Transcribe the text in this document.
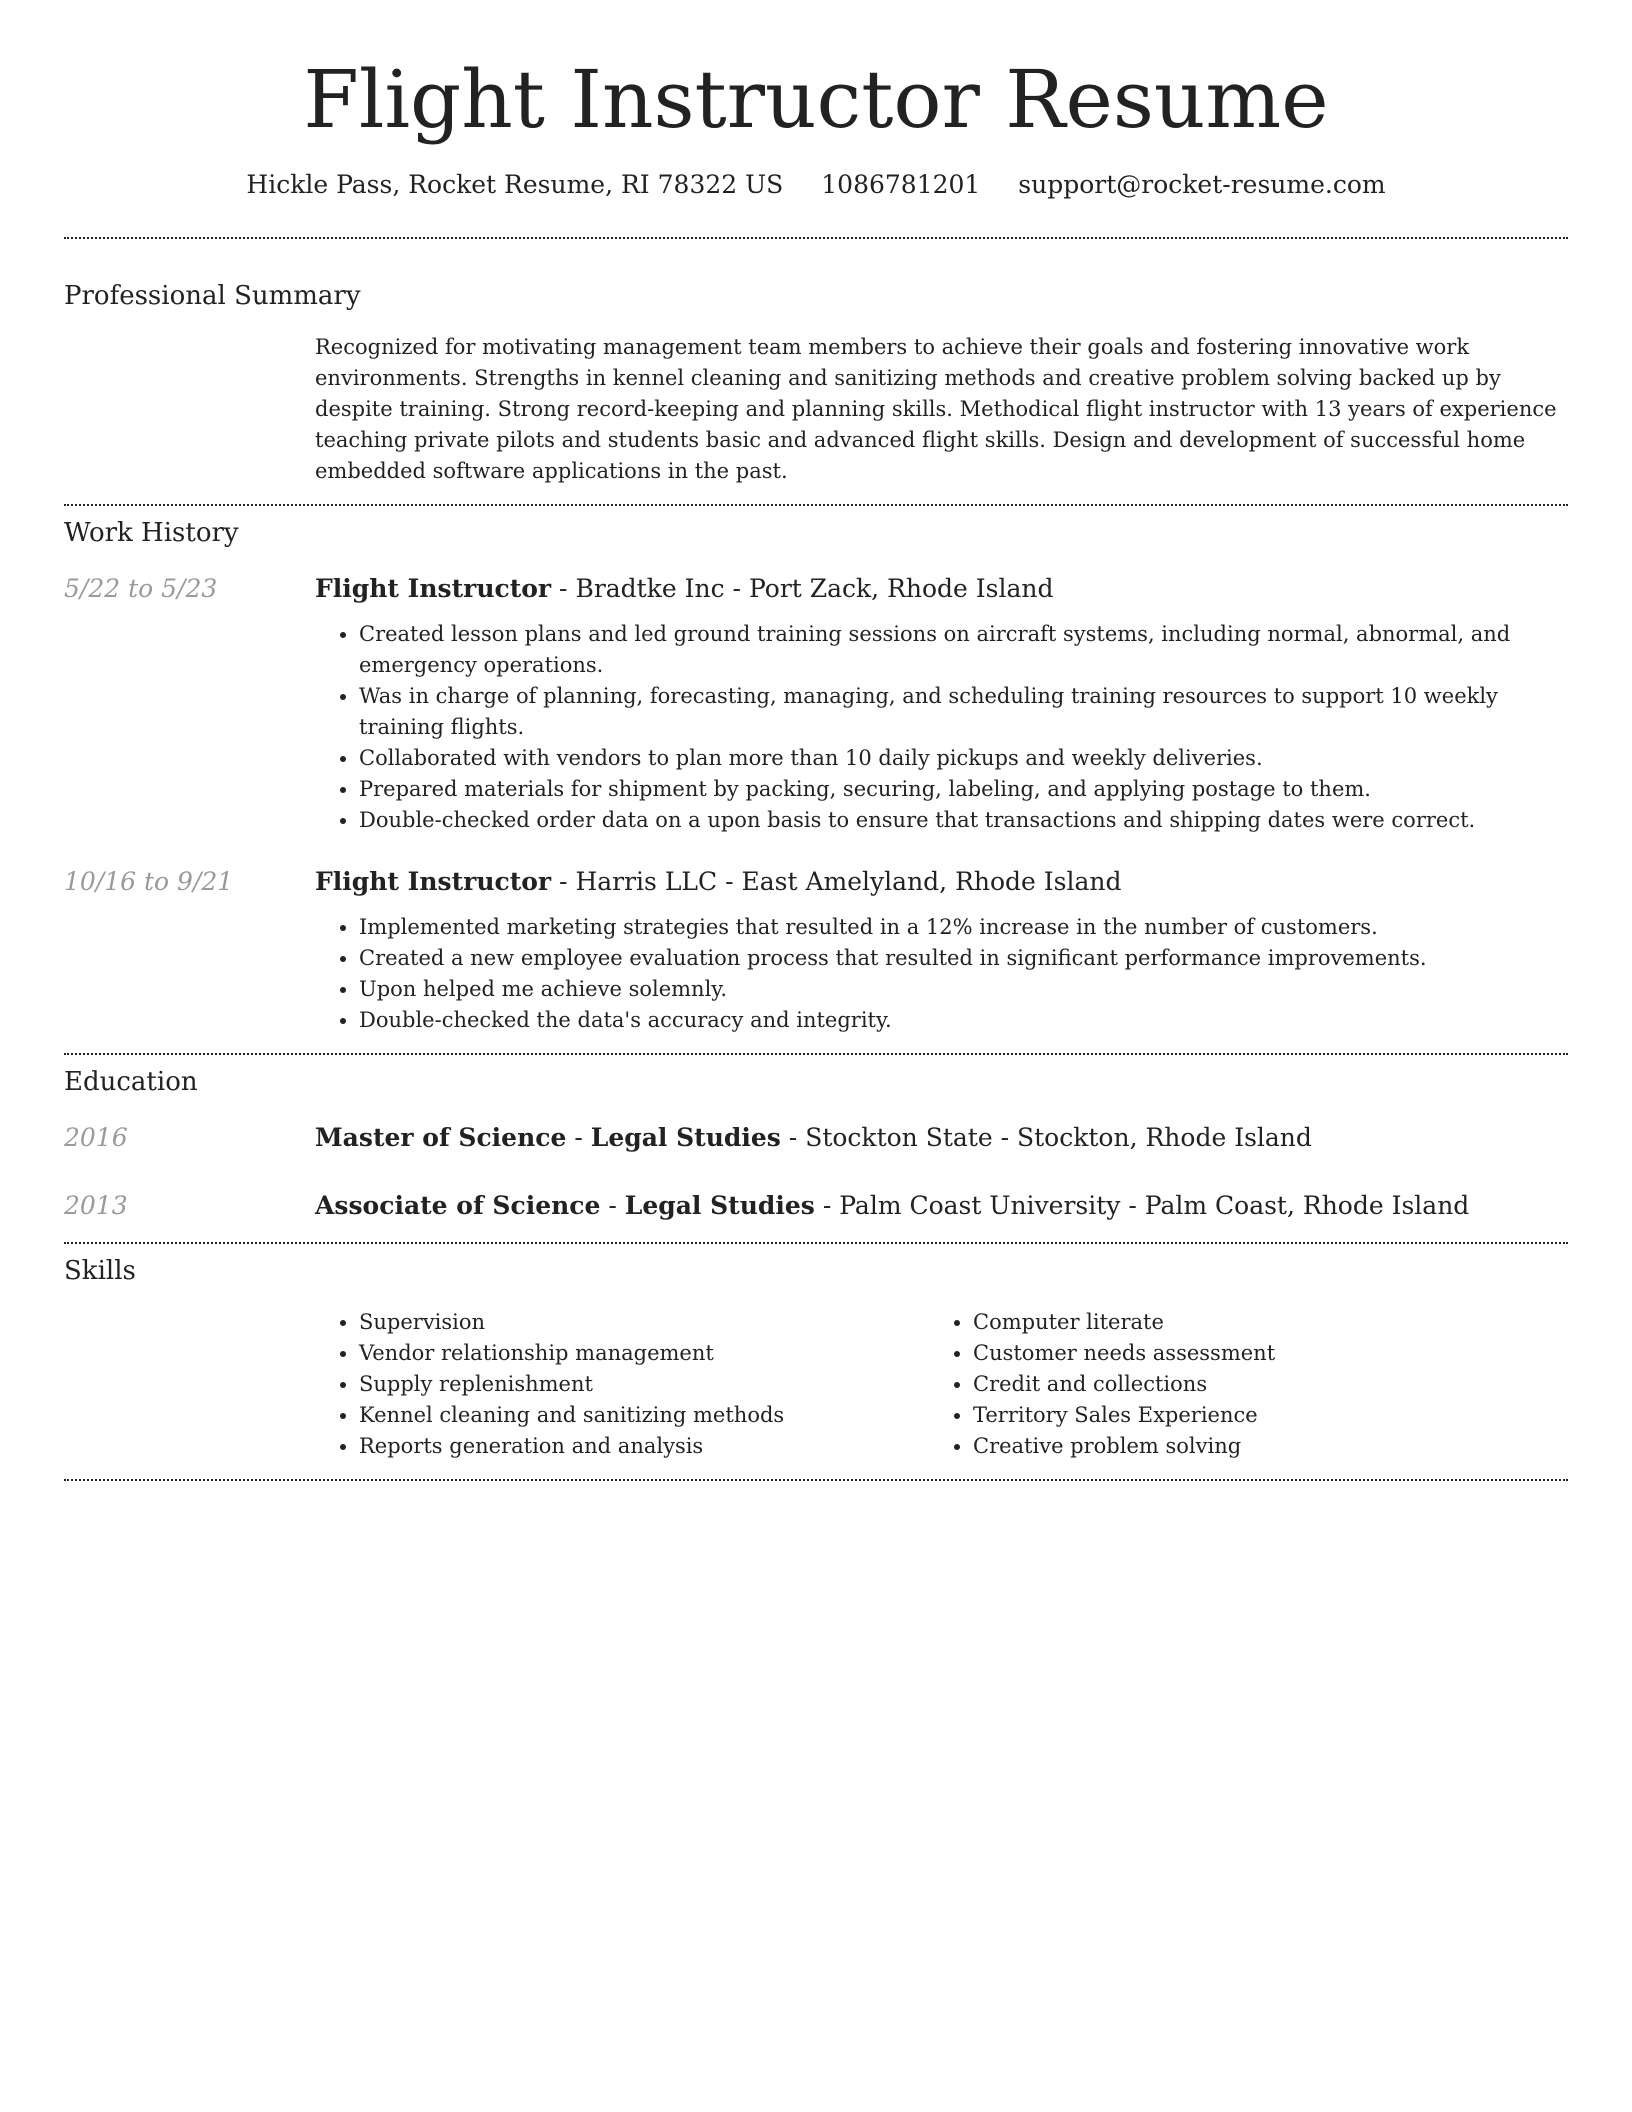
Flight Instructor Resume
Hickle Pass, Rocket Resume, RI 78322 US 1086781201 support@rocket-resume.com
Professional Summary
Recognized for motivating management team members to achieve their goals and fostering innovative work environments. Strengths in kennel cleaning and sanitizing methods and creative problem solving backed up by despite training. Strong record-keeping and planning skills. Methodical flight instructor with 13 years of experience teaching private pilots and students basic and advanced flight skills. Design and development of successful home embedded software applications in the past.
Work History
5/22 to 5/23	Flight Instructor - Bradtke Inc - Port Zack, Rhode Island
• Created lesson plans and led ground training sessions on aircraft systems, including normal, abnormal, and emergency operations.
• Was in charge of planning, forecasting, managing, and scheduling training resources to support 10 weekly training flights.
• Collaborated with vendors to plan more than 10 daily pickups and weekly deliveries.
• Prepared materials for shipment by packing, securing, labeling, and applying postage to them.
• Double-checked order data on a upon basis to ensure that transactions and shipping dates were correct.
10/16 to 9/21	Flight Instructor - Harris LLC - East Amelyland, Rhode Island
• Implemented marketing strategies that resulted in a 12% increase in the number of customers.
• Created a new employee evaluation process that resulted in significant performance improvements.
• Upon helped me achieve solemnly.
• Double-checked the data's accuracy and integrity.
Education
2016	Master of Science - Legal Studies - Stockton State - Stockton, Rhode Island
2013	Associate of Science - Legal Studies - Palm Coast University - Palm Coast, Rhode Island
Skills
• Supervision
• Vendor relationship management
• Supply replenishment
• Kennel cleaning and sanitizing methods
• Reports generation and analysis
• Computer literate
• Customer needs assessment
• Credit and collections
• Territory Sales Experience
• Creative problem solving
